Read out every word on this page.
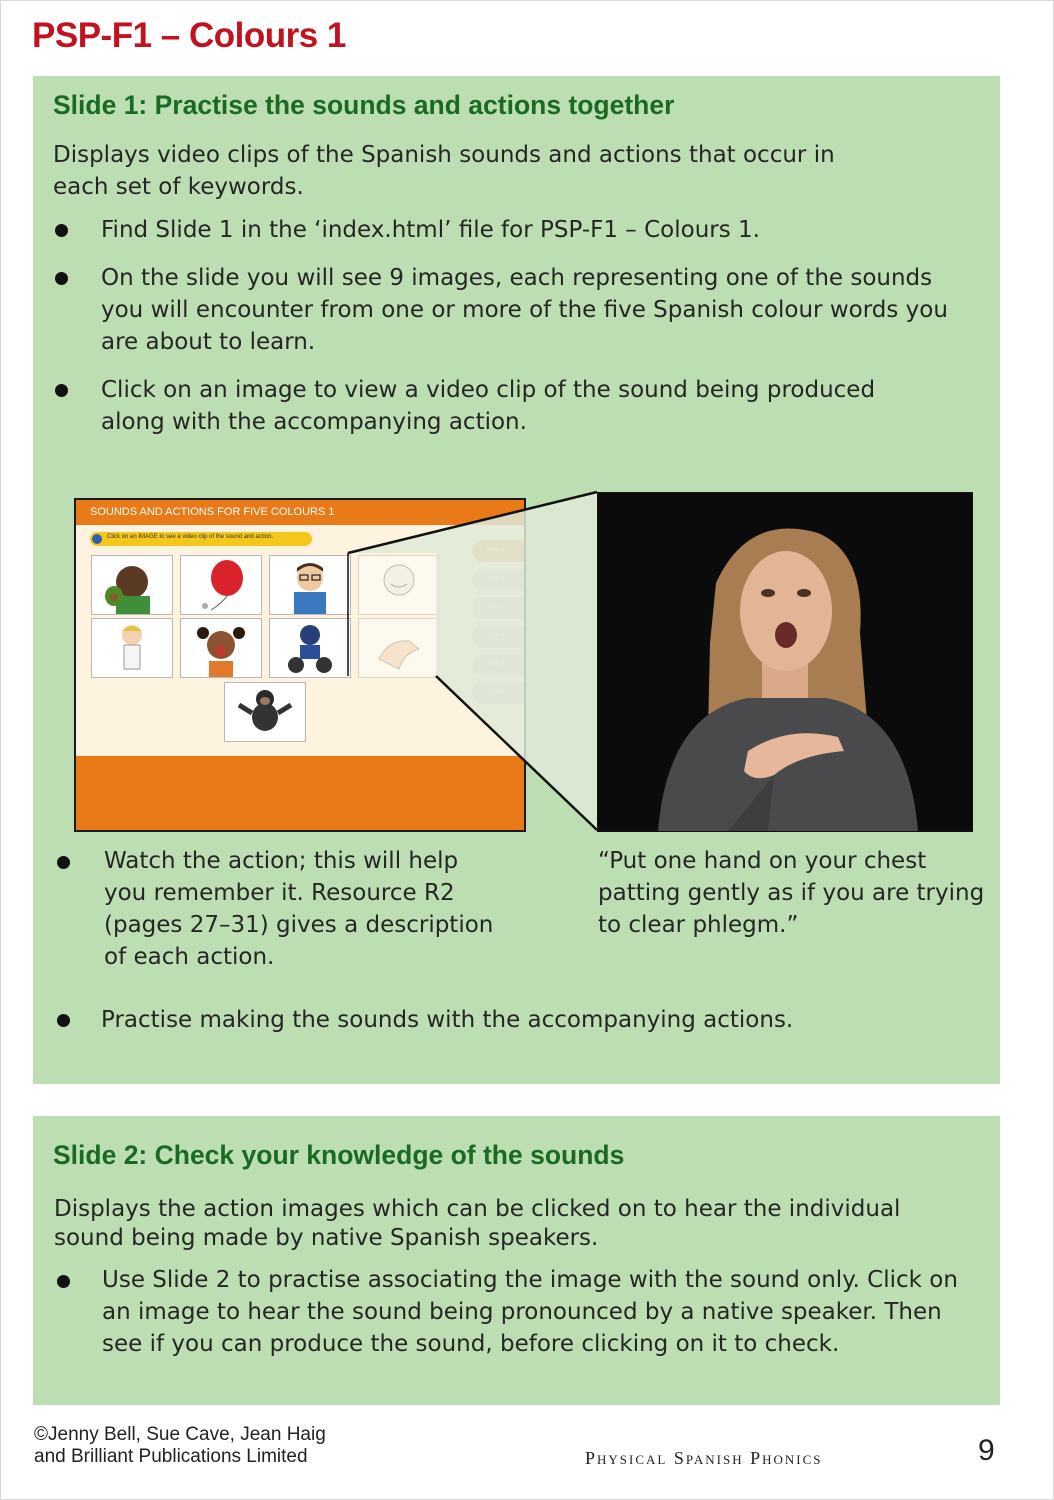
PSP-F1 – Colours 1
Slide 1: Practise the sounds and actions together
Displays video clips of the Spanish sounds and actions that occur in
each set of keywords.
Find Slide 1 in the ‘index.html’ file for PSP-F1 – Colours 1.
On the slide you will see 9 images, each representing one of the sounds
you will encounter from one or more of the five Spanish colour words you
are about to learn.
Click on an image to view a video clip of the sound being produced
along with the accompanying action.
SOUNDS AND ACTIONS FOR FIVE COLOURS 1
Click on an IMAGE to see a video clip of the sound and action.
Watch the action; this will help
you remember it. Resource R2
(pages 27–31) gives a description
of each action.
“Put one hand on your chest
patting gently as if you are trying
to clear phlegm.”
Practise making the sounds with the accompanying actions.
Slide 2: Check your knowledge of the sounds
Displays the action images which can be clicked on to hear the individual
sound being made by native Spanish speakers.
Use Slide 2 to practise associating the image with the sound only. Click on
an image to hear the sound being pronounced by a native speaker. Then
see if you can produce the sound, before clicking on it to check.
©Jenny Bell, Sue Cave, Jean Haig
and Brilliant Publications Limited	Physical Spanish Phonics	9
